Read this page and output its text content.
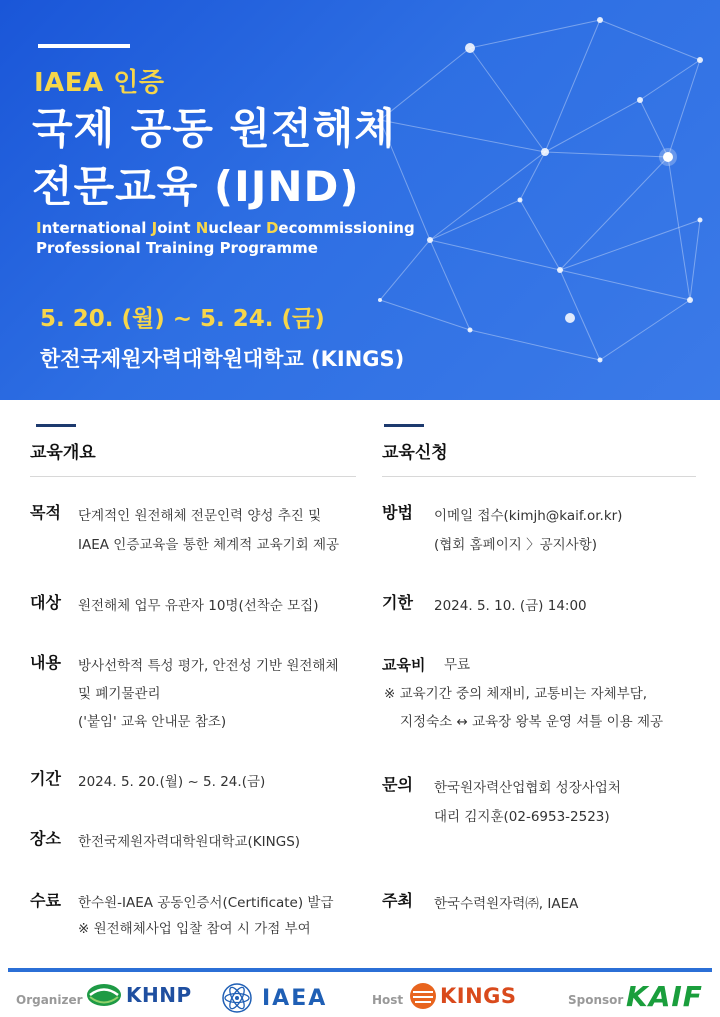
IAEA 인증
국제 공동 원전해체
전문교육 (IJND)
International Joint Nuclear Decommissioning
Professional Training Programme
5. 20. (월) ~ 5. 24. (금)
한전국제원자력대학원대학교 (KINGS)
교육개요
목적 단계적인 원전해체 전문인력 양성 추진 및
IAEA 인증교육을 통한 체계적 교육기회 제공
대상 원전해체 업무 유관자 10명(선착순 모집)
내용 방사선학적 특성 평가, 안전성 기반 원전해체
및 폐기물관리
('붙임' 교육 안내문 참조)
기간 2024. 5. 20.(월) ~ 5. 24.(금)
장소 한전국제원자력대학원대학교(KINGS)
수료 한수원-IAEA 공동인증서(Certificate) 발급
※ 원전해체사업 입찰 참여 시 가점 부여
교육신청
방법 이메일 접수(kimjh@kaif.or.kr)
(협회 홈페이지 〉공지사항)
기한 2024. 5. 10. (금) 14:00
교육비 무료
※ 교육기간 중의 체재비, 교통비는 자체부담,
지정숙소 ↔ 교육장 왕복 운영 셔틀 이용 제공
문의 한국원자력산업협회 성장사업처
대리 김지훈(02-6953-2523)
주최 한국수력원자력㈜, IAEA
Organizer KHNP	IAEA	Host KINGS	Sponsor KAIF
